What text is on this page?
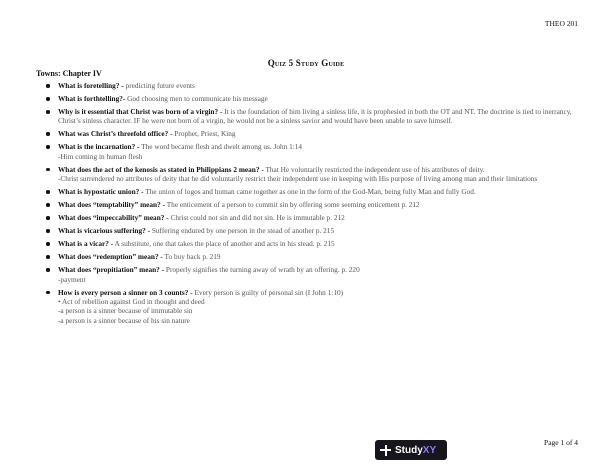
THEO 201
Quiz 5 Study Guide
Towns: Chapter IV
What is foretelling? - predicting future events
What is forthtelling?- God choosing men to communicate his message
Why is it essential that Christ was born of a virgin? - It is the foundation of him living a sinless life, it is prophesied in both the OT and NT. The doctrine is tied to inerrancy, Christ’s sinless character. IF he were not born of a virgin, he would not be a sinless savior and would have been unable to save himself.
What was Christ’s threefold office? - Prophet, Priest, King
What is the incarnation? - The word became flesh and dwelt among us. John 1:14
-Him coming in human flesh
What does the act of the kenosis as stated in Philippians 2 mean? - That He voluntarily restricted the independent use of his attributes of deity.
-Christ surrendered no attributes of deity that he did voluntarily restrict their independent use in keeping with His purpose of living among man and their limitations
What is hypostatic union? - The union of logos and human came together as one in the form of the God-Man, being fully Man and fully God.
What does “temptability” mean? - The enticement of a person to commit sin by offering some seeming enticement p. 212
What does “impeccability” mean? - Christ could not sin and did not sin. He is immutable p. 212
What is vicarious suffering? - Suffering endured by one person in the stead of another p. 215
What is a vicar? - A substitute, one that takes the place of another and acts in his stead. p. 215
What does “redemption” mean? - To buy back p. 219
What does “propitiation” mean? - Properly signifies the turning away of wrath by an offering. p. 220
-payment
How is every person a sinner on 3 counts? - Every person is guilty of personal sin (I John 1:10)
• Act of rebellion against God in thought and deed
-a person is a sinner because of immutable sin
-a person is a sinner because of his sin nature
Page 1 of 4
Study XY
